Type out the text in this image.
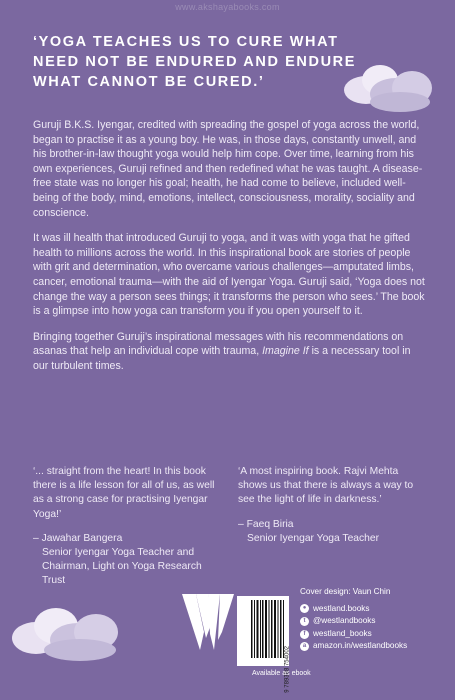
www.akshayabooks.com
‘YOGA TEACHES US TO CURE WHAT NEED NOT BE ENDURED AND ENDURE WHAT CANNOT BE CURED.’

Guruji B.K.S. Iyengar, credited with spreading the gospel of yoga across the world, began to practise it as a young boy. He was, in those days, constantly unwell, and his brother-in-law thought yoga would help him cope. Over time, learning from his own experiences, Guruji refined and then redefined what he was taught. A disease-free state was no longer his goal; health, he had come to believe, included well-being of the body, mind, emotions, intellect, consciousness, morality, sociality and conscience.

It was ill health that introduced Guruji to yoga, and it was with yoga that he gifted health to millions across the world. In this inspirational book are stories of people with grit and determination, who overcame various challenges—amputated limbs, cancer, emotional trauma—with the aid of Iyengar Yoga. Guruji said, ‘Yoga does not change the way a person sees things; it transforms the person who sees.’ The book is a glimpse into how yoga can transform you if you open yourself to it.

Bringing together Guruji’s inspirational messages with his recommendations on asanas that help an individual cope with trauma, Imagine If is a necessary tool in our turbulent times.

‘... straight from the heart! In this book there is a life lesson for all of us, as well as a strong case for practising Iyengar Yoga!’
– Jawahar Bangera
Senior Iyengar Yoga Teacher and Chairman, Light on Yoga Research Trust
‘A most inspiring book. Rajvi Mehta shows us that there is always a way to see the light of life in darkness.’
– Faeq Biria
Senior Iyengar Yoga Teacher
9 789388 754002
Available as ebook
Cover design: Vaun Chin
● westland.books
t @westlandbooks
f westland_books
a amazon.in/westlandbooks
